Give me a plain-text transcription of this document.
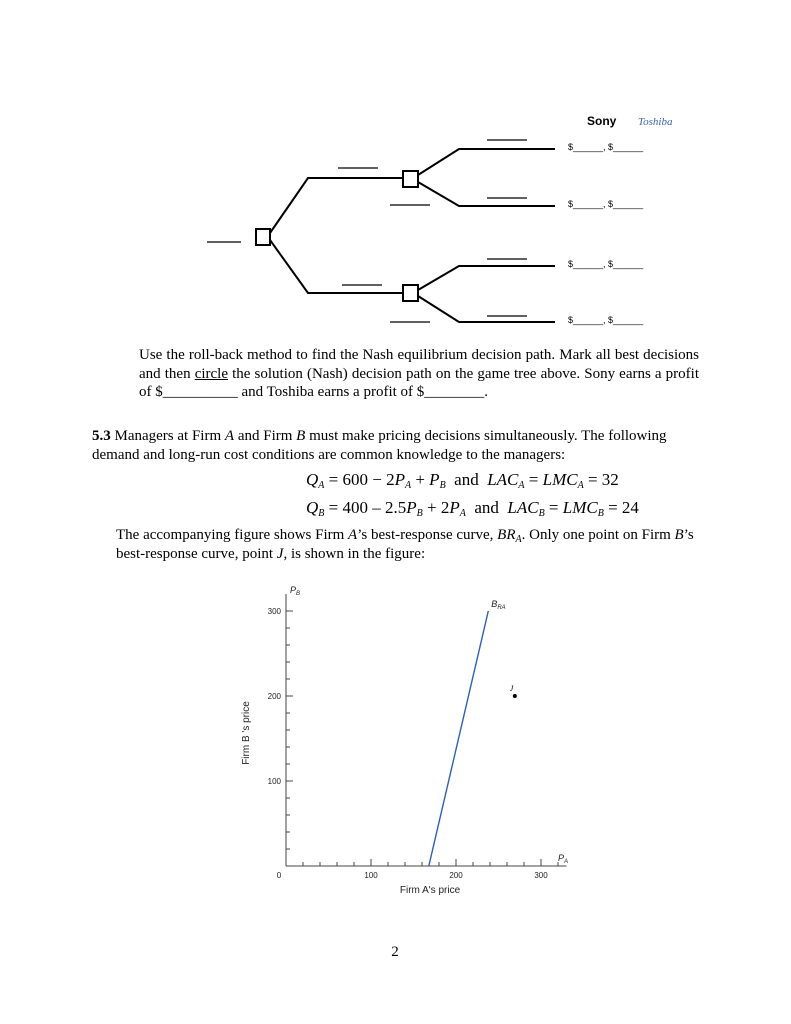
Sony Toshiba
$______, $______
$______, $______
$______, $______
$______, $______
Use the roll-back method to find the Nash equilibrium decision path. Mark all best decisions and then circle the solution (Nash) decision path on the game tree above. Sony earns a profit of $__________ and Toshiba earns a profit of $________.
5.3 Managers at Firm A and Firm B must make pricing decisions simultaneously. The following demand and long-run cost conditions are common knowledge to the managers:
$Q_A = 600 - 2P_A + P_B$  and  $LAC_A = LMC_A = 32$
$Q_B = 400 - 2.5P_B + 2P_A$  and  $LAC_B = LMC_B = 24$
The accompanying figure shows Firm A’s best-response curve, $BR_A$. Only one point on Firm B’s best-response curve, point J, is shown in the figure:
100	200	300
100
200
300
0
Firm A's price
Firm B 's price
$P_B$
$P_A$
$B_{RA}$
J
2
